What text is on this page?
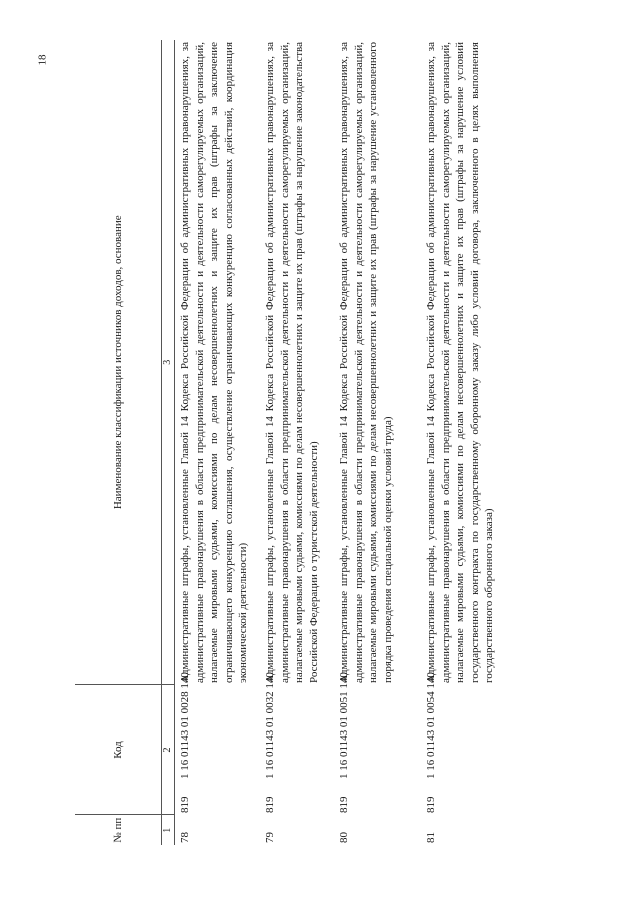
18
№ пп	Код	Наименование классификации источников доходов, основание
1	2	3
78	8191 16 01143 01 0028 140	Административные штрафы, установленные Главой 14 Кодекса Российской Федерации об административных правонарушениях, за административные правонарушения в области предпринимательской деятельности и деятельности саморегулируемых организаций, налагаемые мировыми судьями, комиссиями по делам несовершеннолетних и защите их прав (штрафы за заключение ограничивающего конкуренцию соглашения, осуществление ограничивающих конкуренцию согласованных действий, координация экономической деятельности)
79	8191 16 01143 01 0032 140	Административные штрафы, установленные Главой 14 Кодекса Российской Федерации об административных правонарушениях, за административные правонарушения в области предпринимательской деятельности и деятельности саморегулируемых организаций, налагаемые мировыми судьями, комиссиями по делам несовершеннолетних и защите их прав (штрафы за нарушение законодательства Российской Федерации о туристской деятельности)
80	8191 16 01143 01 0051 140	Административные штрафы, установленные Главой 14 Кодекса Российской Федерации об административных правонарушениях, за административные правонарушения в области предпринимательской деятельности и деятельности саморегулируемых организаций, налагаемые мировыми судьями, комиссиями по делам несовершеннолетних и защите их прав (штрафы за нарушение установленного порядка проведения специальной оценки условий труда)
81	8191 16 01143 01 0054 140	Административные штрафы, установленные Главой 14 Кодекса Российской Федерации об административных правонарушениях, за административные правонарушения в области предпринимательской деятельности и деятельности саморегулируемых организаций, налагаемые мировыми судьями, комиссиями по делам несовершеннолетних и защите их прав (штрафы за нарушение условий государственного контракта по государственному оборонному заказу либо условий договора, заключенного в целях выполнения государственного оборонного заказа)
